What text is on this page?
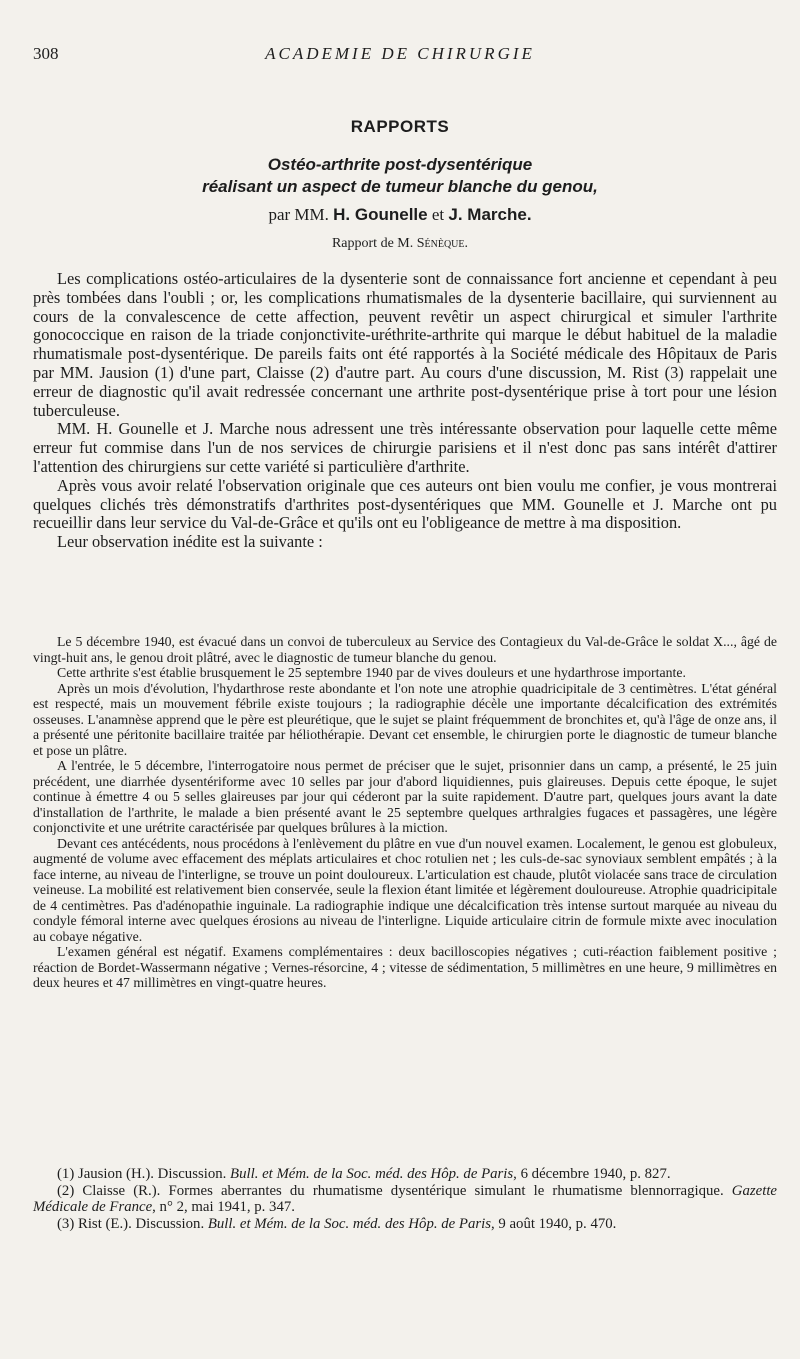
308	ACADEMIE DE CHIRURGIE
RAPPORTS
Ostéo-arthrite post-dysentérique
réalisant un aspect de tumeur blanche du genou,
par MM. H. Gounelle et J. Marche.
Rapport de M. Sénèque.

Les complications ostéo-articulaires de la dysenterie sont de connaissance fort ancienne et cependant à peu près tombées dans l'oubli ; or, les complications rhumatismales de la dysenterie bacillaire, qui surviennent au cours de la convalescence de cette affection, peuvent revêtir un aspect chirurgical et simuler l'arthrite gonococcique en raison de la triade conjonctivite-uréthrite-arthrite qui marque le début habituel de la maladie rhumatismale post-dysentérique. De pareils faits ont été rapportés à la Société médicale des Hôpitaux de Paris par MM. Jausion (1) d'une part, Claisse (2) d'autre part. Au cours d'une discussion, M. Rist (3) rappelait une erreur de diagnostic qu'il avait redressée concernant une arthrite post-dysentérique prise à tort pour une lésion tuberculeuse.

MM. H. Gounelle et J. Marche nous adressent une très intéressante observation pour laquelle cette même erreur fut commise dans l'un de nos services de chirurgie parisiens et il n'est donc pas sans intérêt d'attirer l'attention des chirurgiens sur cette variété si particulière d'arthrite.

Après vous avoir relaté l'observation originale que ces auteurs ont bien voulu me confier, je vous montrerai quelques clichés très démonstratifs d'arthrites post-dysentériques que MM. Gounelle et J. Marche ont pu recueillir dans leur service du Val-de-Grâce et qu'ils ont eu l'obligeance de mettre à ma disposition.

Leur observation inédite est la suivante :

Le 5 décembre 1940, est évacué dans un convoi de tuberculeux au Service des Contagieux du Val-de-Grâce le soldat X..., âgé de vingt-huit ans, le genou droit plâtré, avec le diagnostic de tumeur blanche du genou.

Cette arthrite s'est établie brusquement le 25 septembre 1940 par de vives douleurs et une hydarthrose importante.

Après un mois d'évolution, l'hydarthrose reste abondante et l'on note une atrophie quadricipitale de 3 centimètres. L'état général est respecté, mais un mouvement fébrile existe toujours ; la radiographie décèle une importante décalcification des extrémités osseuses. L'anamnèse apprend que le père est pleurétique, que le sujet se plaint fréquemment de bronchites et, qu'à l'âge de onze ans, il a présenté une péritonite bacillaire traitée par héliothérapie. Devant cet ensemble, le chirurgien porte le diagnostic de tumeur blanche et pose un plâtre.

A l'entrée, le 5 décembre, l'interrogatoire nous permet de préciser que le sujet, prisonnier dans un camp, a présenté, le 25 juin précédent, une diarrhée dysentériforme avec 10 selles par jour d'abord liquidiennes, puis glaireuses. Depuis cette époque, le sujet continue à émettre 4 ou 5 selles glaireuses par jour qui céderont par la suite rapidement. D'autre part, quelques jours avant la date d'installation de l'arthrite, le malade a bien présenté avant le 25 septembre quelques arthralgies fugaces et passagères, une légère conjonctivite et une urétrite caractérisée par quelques brûlures à la miction.

Devant ces antécédents, nous procédons à l'enlèvement du plâtre en vue d'un nouvel examen. Localement, le genou est globuleux, augmenté de volume avec effacement des méplats articulaires et choc rotulien net ; les culs-de-sac synoviaux semblent empâtés ; à la face interne, au niveau de l'interligne, se trouve un point douloureux. L'articulation est chaude, plutôt violacée sans trace de circulation veineuse. La mobilité est relativement bien conservée, seule la flexion étant limitée et légèrement douloureuse. Atrophie quadricipitale de 4 centimètres. Pas d'adénopathie inguinale. La radiographie indique une décalcification très intense surtout marquée au niveau du condyle fémoral interne avec quelques érosions au niveau de l'interligne. Liquide articulaire citrin de formule mixte avec inoculation au cobaye négative.

L'examen général est négatif. Examens complémentaires : deux bacilloscopies négatives ; cuti-réaction faiblement positive ; réaction de Bordet-Wassermann négative ; Vernes-résorcine, 4 ; vitesse de sédimentation, 5 millimètres en une heure, 9 millimètres en deux heures et 47 millimètres en vingt-quatre heures.

(1) Jausion (H.). Discussion. Bull. et Mém. de la Soc. méd. des Hôp. de Paris, 6 décembre 1940, p. 827.

(2) Claisse (R.). Formes aberrantes du rhumatisme dysentérique simulant le rhumatisme blennorragique. Gazette Médicale de France, n° 2, mai 1941, p. 347.

(3) Rist (E.). Discussion. Bull. et Mém. de la Soc. méd. des Hôp. de Paris, 9 août 1940, p. 470.
